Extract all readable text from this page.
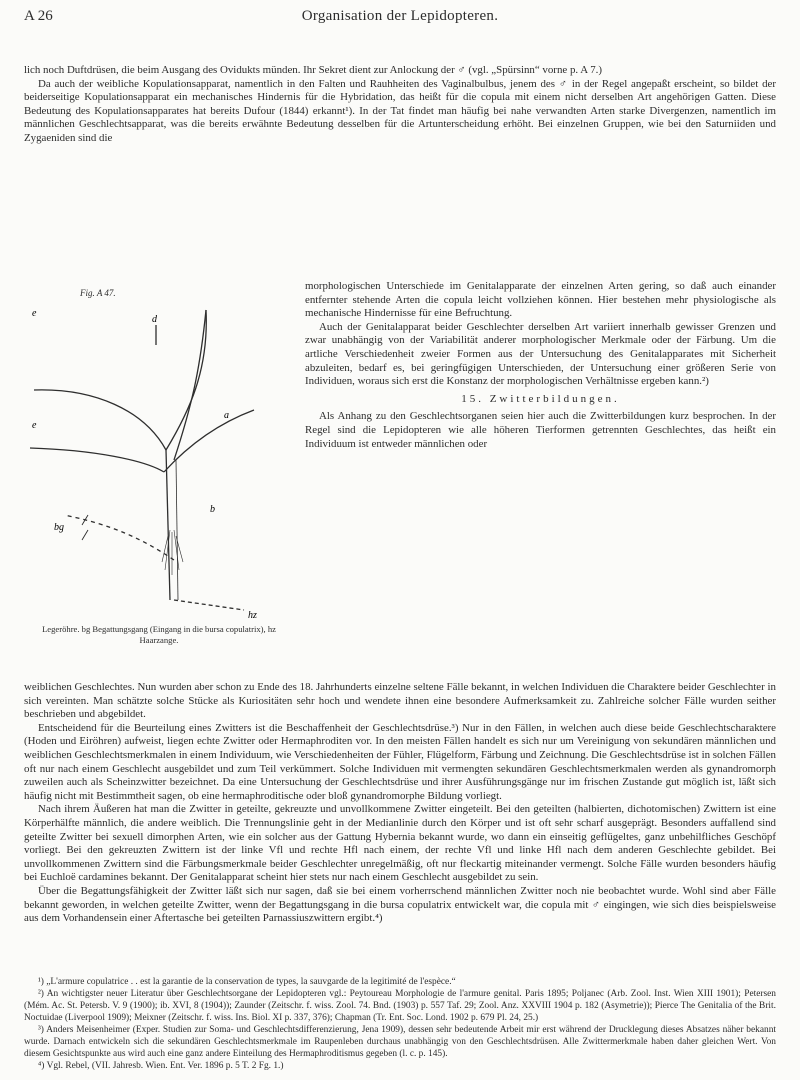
A 26	Organisation der Lepidopteren.

lich noch Duftdrüsen, die beim Ausgang des Ovidukts münden. Ihr Sekret dient zur Anlockung der ♂ (vgl. „Spürsinn“ vorne p. A 7.)

Da auch der weibliche Kopulationsapparat, namentlich in den Falten und Rauhheiten des Vaginalbulbus, jenem des ♂ in der Regel angepaßt erscheint, so bildet der beiderseitige Kopulationsapparat ein mechanisches Hindernis für die Hybridation, das heißt für die copula mit einem nicht derselben Art angehörigen Gatten. Diese Bedeutung des Kopulationsapparates hat bereits Dufour (1844) erkannt¹). In der Tat findet man häufig bei nahe verwandten Arten starke Divergenzen, namentlich im männlichen Geschlechtsapparat, was die bereits erwähnte Bedeutung desselben für die Artunterscheidung erhöht. Bei einzelnen Gruppen, wie bei den Saturniiden und Zygaeniden sind die

Fig. A 47.
e
e
a
b
d
hz
bg
Legeröhre. bg Begattungsgang (Eingang in die bursa copulatrix), hz Haarzange.

morphologischen Unterschiede im Genitalapparate der einzelnen Arten gering, so daß auch einander entfernter stehende Arten die copula leicht vollziehen können. Hier bestehen mehr physiologische als mechanische Hindernisse für eine Befruchtung.

Auch der Genitalapparat beider Geschlechter derselben Art variiert innerhalb gewisser Grenzen und zwar unabhängig von der Variabilität anderer morphologischer Merkmale oder der Färbung. Um die artliche Verschiedenheit zweier Formen aus der Untersuchung des Genitalapparates mit Sicherheit abzuleiten, bedarf es, bei geringfügigen Unterschieden, der Untersuchung einer größeren Serie von Individuen, woraus sich erst die Konstanz der morphologischen Verhältnisse ergeben kann.²)

15. Zwitterbildungen.

Als Anhang zu den Geschlechtsorganen seien hier auch die Zwitterbildungen kurz besprochen. In der Regel sind die Lepidopteren wie alle höheren Tierformen getrennten Geschlechtes, das heißt ein Individuum ist entweder männlichen oder

weiblichen Geschlechtes. Nun wurden aber schon zu Ende des 18. Jahrhunderts einzelne seltene Fälle bekannt, in welchen Individuen die Charaktere beider Geschlechter in sich vereinten. Man schätzte solche Stücke als Kuriositäten sehr hoch und wendete ihnen eine besondere Aufmerksamkeit zu. Zahlreiche solcher Fälle wurden seither beschrieben und abgebildet.

Entscheidend für die Beurteilung eines Zwitters ist die Beschaffenheit der Geschlechtsdrüse.³) Nur in den Fällen, in welchen auch diese beide Geschlechtscharaktere (Hoden und Eiröhren) aufweist, liegen echte Zwitter oder Hermaphroditen vor. In den meisten Fällen handelt es sich nur um Vereinigung von sekundären männlichen und weiblichen Geschlechtsmerkmalen in einem Individuum, wie Verschiedenheiten der Fühler, Flügelform, Färbung und Zeichnung. Die Geschlechtsdrüse ist in solchen Fällen oft nur nach einem Geschlecht ausgebildet und zum Teil verkümmert. Solche Individuen mit vermengten sekundären Geschlechtsmerkmalen werden als gynandromorph zuweilen auch als Scheinzwitter bezeichnet. Da eine Untersuchung der Geschlechtsdrüse und ihrer Ausführungsgänge nur im frischen Zustande gut möglich ist, läßt sich häufig nicht mit Bestimmtheit sagen, ob eine hermaphroditische oder bloß gynandromorphe Bildung vorliegt.

Nach ihrem Äußeren hat man die Zwitter in geteilte, gekreuzte und unvollkommene Zwitter eingeteilt. Bei den geteilten (halbierten, dichotomischen) Zwittern ist eine Körperhälfte männlich, die andere weiblich. Die Trennungslinie geht in der Medianlinie durch den Körper und ist oft sehr scharf ausgeprägt. Besonders auffallend sind geteilte Zwitter bei sexuell dimorphen Arten, wie ein solcher aus der Gattung Hybernia bekannt wurde, wo dann ein einseitig geflügeltes, ganz unbehilfliches Geschöpf vorliegt. Bei den gekreuzten Zwittern ist der linke Vfl und rechte Hfl nach einem, der rechte Vfl und linke Hfl nach dem anderen Geschlechte gebildet. Bei unvollkommenen Zwittern sind die Färbungsmerkmale beider Geschlechter unregelmäßig, oft nur fleckartig miteinander vermengt. Solche Fälle wurden besonders häufig bei Euchloë cardamines bekannt. Der Genitalapparat scheint hier stets nur nach einem Geschlecht ausgebildet zu sein.

Über die Begattungsfähigkeit der Zwitter läßt sich nur sagen, daß sie bei einem vorherrschend männlichen Zwitter noch nie beobachtet wurde. Wohl sind aber Fälle bekannt geworden, in welchen geteilte Zwitter, wenn der Begattungsgang in die bursa copulatrix entwickelt war, die copula mit ♂ eingingen, wie sich dies beispielsweise aus dem Vorhandensein einer Aftertasche bei geteilten Parnassiuszwittern ergibt.⁴)

¹) „L'armure copulatrice . . est la garantie de la conservation de types, la sauvgarde de la legitimité de l'espèce.“

²) An wichtigster neuer Literatur über Geschlechtsorgane der Lepidopteren vgl.: Peytoureau Morphologie de l'armure genital. Paris 1895; Poljanec (Arb. Zool. Inst. Wien XIII 1901); Petersen (Mém. Ac. St. Petersb. V. 9 (1900); ib. XVI, 8 (1904)); Zaunder (Zeitschr. f. wiss. Zool. 74. Bnd. (1903) p. 557 Taf. 29; Zool. Anz. XXVIII 1904 p. 182 (Asymetrie)); Pierce The Genitalia of the Brit. Noctuidae (Liverpool 1909); Meixner (Zeitschr. f. wiss. Ins. Biol. XI p. 337, 376); Chapman (Tr. Ent. Soc. Lond. 1902 p. 679 Pl. 24, 25.)

³) Anders Meisenheimer (Exper. Studien zur Soma- und Geschlechtsdifferenzierung, Jena 1909), dessen sehr bedeutende Arbeit mir erst während der Drucklegung dieses Absatzes näher bekannt wurde. Darnach entwickeln sich die sekundären Geschlechtsmerkmale im Raupenleben durchaus unabhängig von den Geschlechtsdrüsen. Alle Zwittermerkmale haben daher gleichen Wert. Von diesem Gesichtspunkte aus wird auch eine ganz andere Einteilung des Hermaphroditismus gegeben (l. c. p. 145).

⁴) Vgl. Rebel, (VII. Jahresb. Wien. Ent. Ver. 1896 p. 5 T. 2 Fg. 1.)
